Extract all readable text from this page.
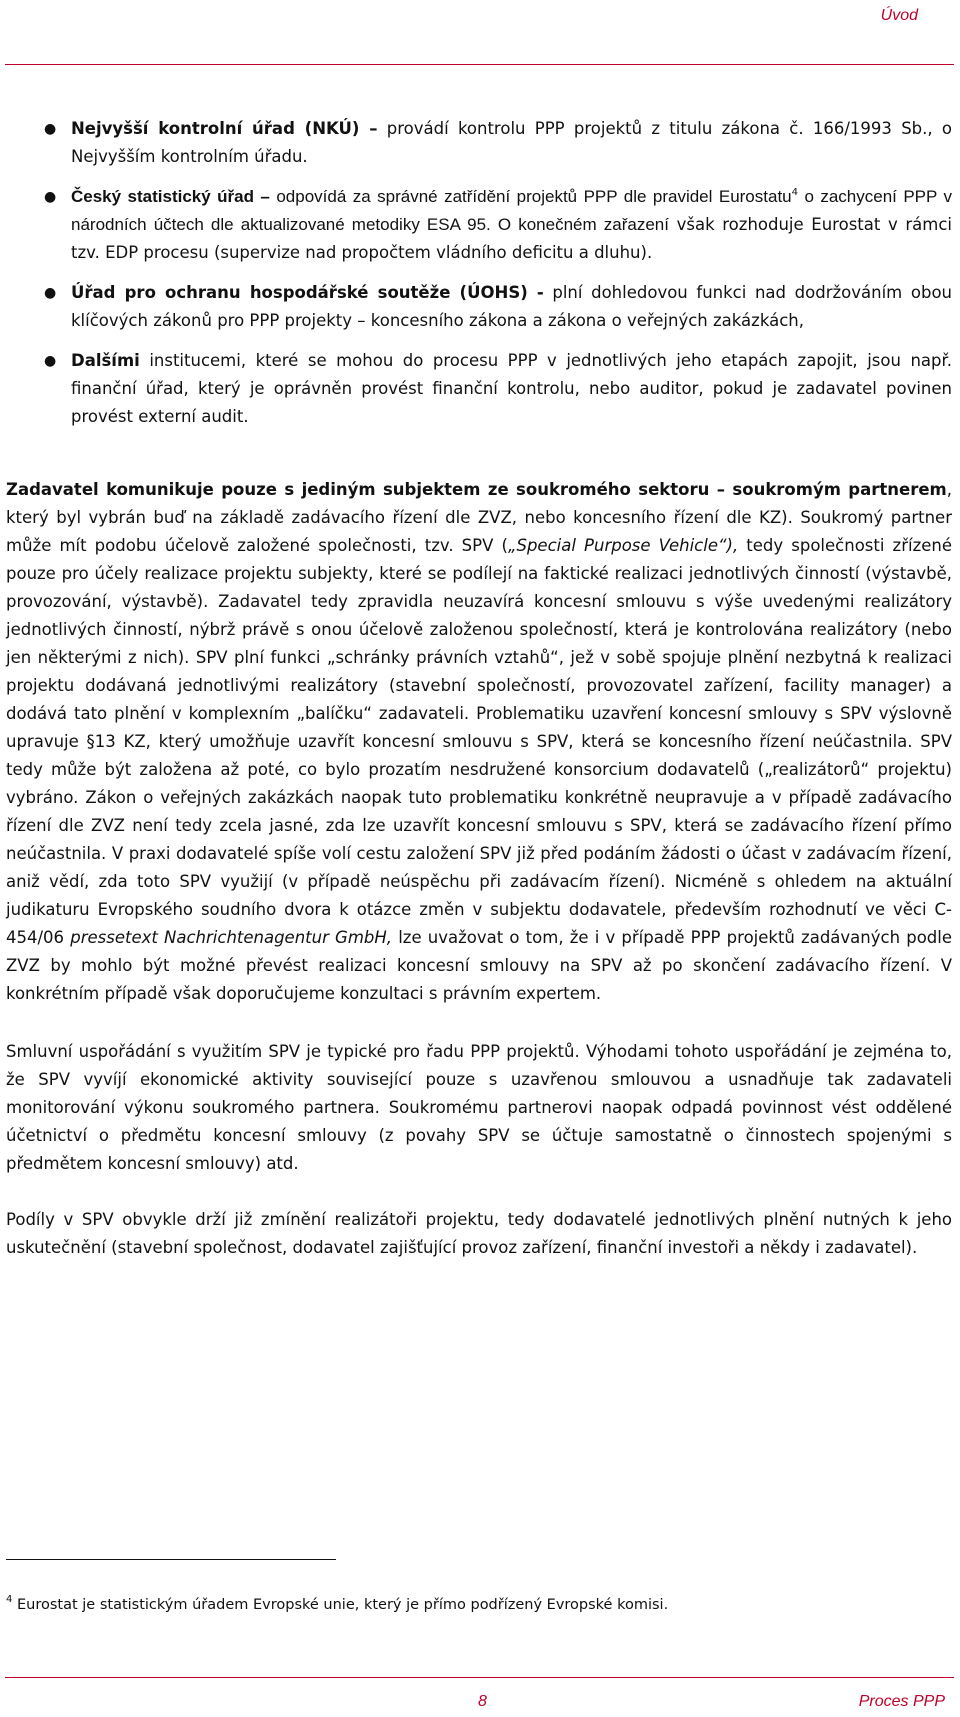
Úvod
● Nejvyšší kontrolní úřad (NKÚ) – provádí kontrolu PPP projektů z titulu zákona č. 166/1993 Sb., o Nejvyšším kontrolním úřadu.
● Český statistický úřad – odpovídá za správné zatřídění projektů PPP dle pravidel Eurostatu$^4$ o zachycení PPP v národních účtech dle aktualizované metodiky ESA 95. O konečném zařazení však rozhoduje Eurostat v rámci tzv. EDP procesu (supervize nad propočtem vládního deficitu a dluhu).
● Úřad pro ochranu hospodářské soutěže (ÚOHS) - plní dohledovou funkci nad dodržováním obou klíčových zákonů pro PPP projekty – koncesního zákona a zákona o veřejných zakázkách,
● Dalšími institucemi, které se mohou do procesu PPP v jednotlivých jeho etapách zapojit, jsou např. finanční úřad, který je oprávněn provést finanční kontrolu, nebo auditor, pokud je zadavatel povinen provést externí audit.

Zadavatel komunikuje pouze s jediným subjektem ze soukromého sektoru – soukromým partnerem, který byl vybrán buď na základě zadávacího řízení dle ZVZ, nebo koncesního řízení dle KZ). Soukromý partner může mít podobu účelově založené společnosti, tzv. SPV („Special Purpose Vehicle“), tedy společnosti zřízené pouze pro účely realizace projektu subjekty, které se podílejí na faktické realizaci jednotlivých činností (výstavbě, provozování, výstavbě). Zadavatel tedy zpravidla neuzavírá koncesní smlouvu s výše uvedenými realizátory jednotlivých činností, nýbrž právě s onou účelově založenou společností, která je kontrolována realizátory (nebo jen některými z nich). SPV plní funkci „schránky právních vztahů“, jež v sobě spojuje plnění nezbytná k realizaci projektu dodávaná jednotlivými realizátory (stavební společností, provozovatel zařízení, facility manager) a dodává tato plnění v komplexním „balíčku“ zadavateli. Problematiku uzavření koncesní smlouvy s SPV výslovně upravuje §13 KZ, který umožňuje uzavřít koncesní smlouvu s SPV, která se koncesního řízení neúčastnila. SPV tedy může být založena až poté, co bylo prozatím nesdružené konsorcium dodavatelů („realizátorů“ projektu) vybráno. Zákon o veřejných zakázkách naopak tuto problematiku konkrétně neupravuje a v případě zadávacího řízení dle ZVZ není tedy zcela jasné, zda lze uzavřít koncesní smlouvu s SPV, která se zadávacího řízení přímo neúčastnila. V praxi dodavatelé spíše volí cestu založení SPV již před podáním žádosti o účast v zadávacím řízení, aniž vědí, zda toto SPV využijí (v případě neúspěchu při zadávacím řízení). Nicméně s ohledem na aktuální judikaturu Evropského soudního dvora k otázce změn v subjektu dodavatele, především rozhodnutí ve věci C-454/06 pressetext Nachrichtenagentur GmbH, lze uvažovat o tom, že i v případě PPP projektů zadávaných podle ZVZ by mohlo být možné převést realizaci koncesní smlouvy na SPV až po skončení zadávacího řízení. V konkrétním případě však doporučujeme konzultaci s právním expertem.

Smluvní uspořádání s využitím SPV je typické pro řadu PPP projektů. Výhodami tohoto uspořádání je zejména to, že SPV vyvíjí ekonomické aktivity související pouze s uzavřenou smlouvou a usnadňuje tak zadavateli monitorování výkonu soukromého partnera. Soukromému partnerovi naopak odpadá povinnost vést oddělené účetnictví o předmětu koncesní smlouvy (z povahy SPV se účtuje samostatně o činnostech spojenými s předmětem koncesní smlouvy) atd.

Podíly v SPV obvykle drží již zmínění realizátoři projektu, tedy dodavatelé jednotlivých plnění nutných k jeho uskutečnění (stavební společnost, dodavatel zajišťující provoz zařízení, finanční investoři a někdy i zadavatel).

$^4$ Eurostat je statistickým úřadem Evropské unie, který je přímo podřízený Evropské komisi.
8	Proces PPP
